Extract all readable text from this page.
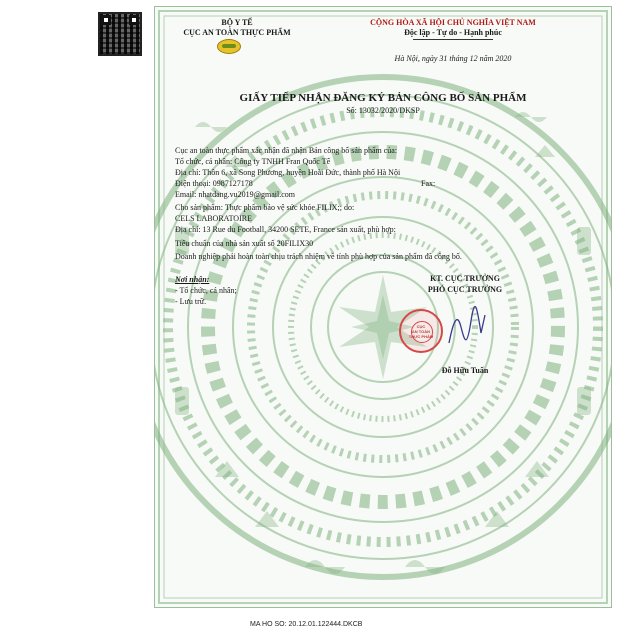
BỘ Y TẾ
CỤC AN TOÀN THỰC PHẨM
CỘNG HÒA XÃ HỘI CHỦ NGHĨA VIỆT NAM
Độc lập - Tự do - Hạnh phúc
Hà Nội, ngày 31 tháng 12 năm 2020
GIẤY TIẾP NHẬN ĐĂNG KÝ BẢN CÔNG BỐ SẢN PHẨM
Số: 13032/2020/DKSP
Cục an toàn thực phẩm xác nhận đã nhận Bản công bố sản phẩm của:
Tổ chức, cá nhân: Công ty TNHH Fran Quốc Tế
Địa chỉ: Thôn 6, xã Song Phương, huyện Hoài Đức, thành phố Hà Nội
Điện thoại: 0987127178	Fax:
Email: nhatdang.vu2019@gmail.com
Cho sản phẩm: Thực phẩm bảo vệ sức khỏe FILIX;; do:
CELS LABORATOIRE
Địa chỉ: 13 Rue du Football, 34200 SETE, France sản xuất, phù hợp:
Tiêu chuẩn của nhà sản xuất số 20FILIX30
Doanh nghiệp phải hoàn toàn chịu trách nhiệm về tính phù hợp của sản phẩm đã công bố.
Nơi nhận:
- Tổ chức, cá nhân;
- Lưu trữ.
KT. CỤC TRƯỞNG
PHÓ CỤC TRƯỞNG
CỤC
AN TOÀN
THỰC PHẨM
Đỗ Hữu Tuấn
MA HO SO: 20.12.01.122444.DKCB
